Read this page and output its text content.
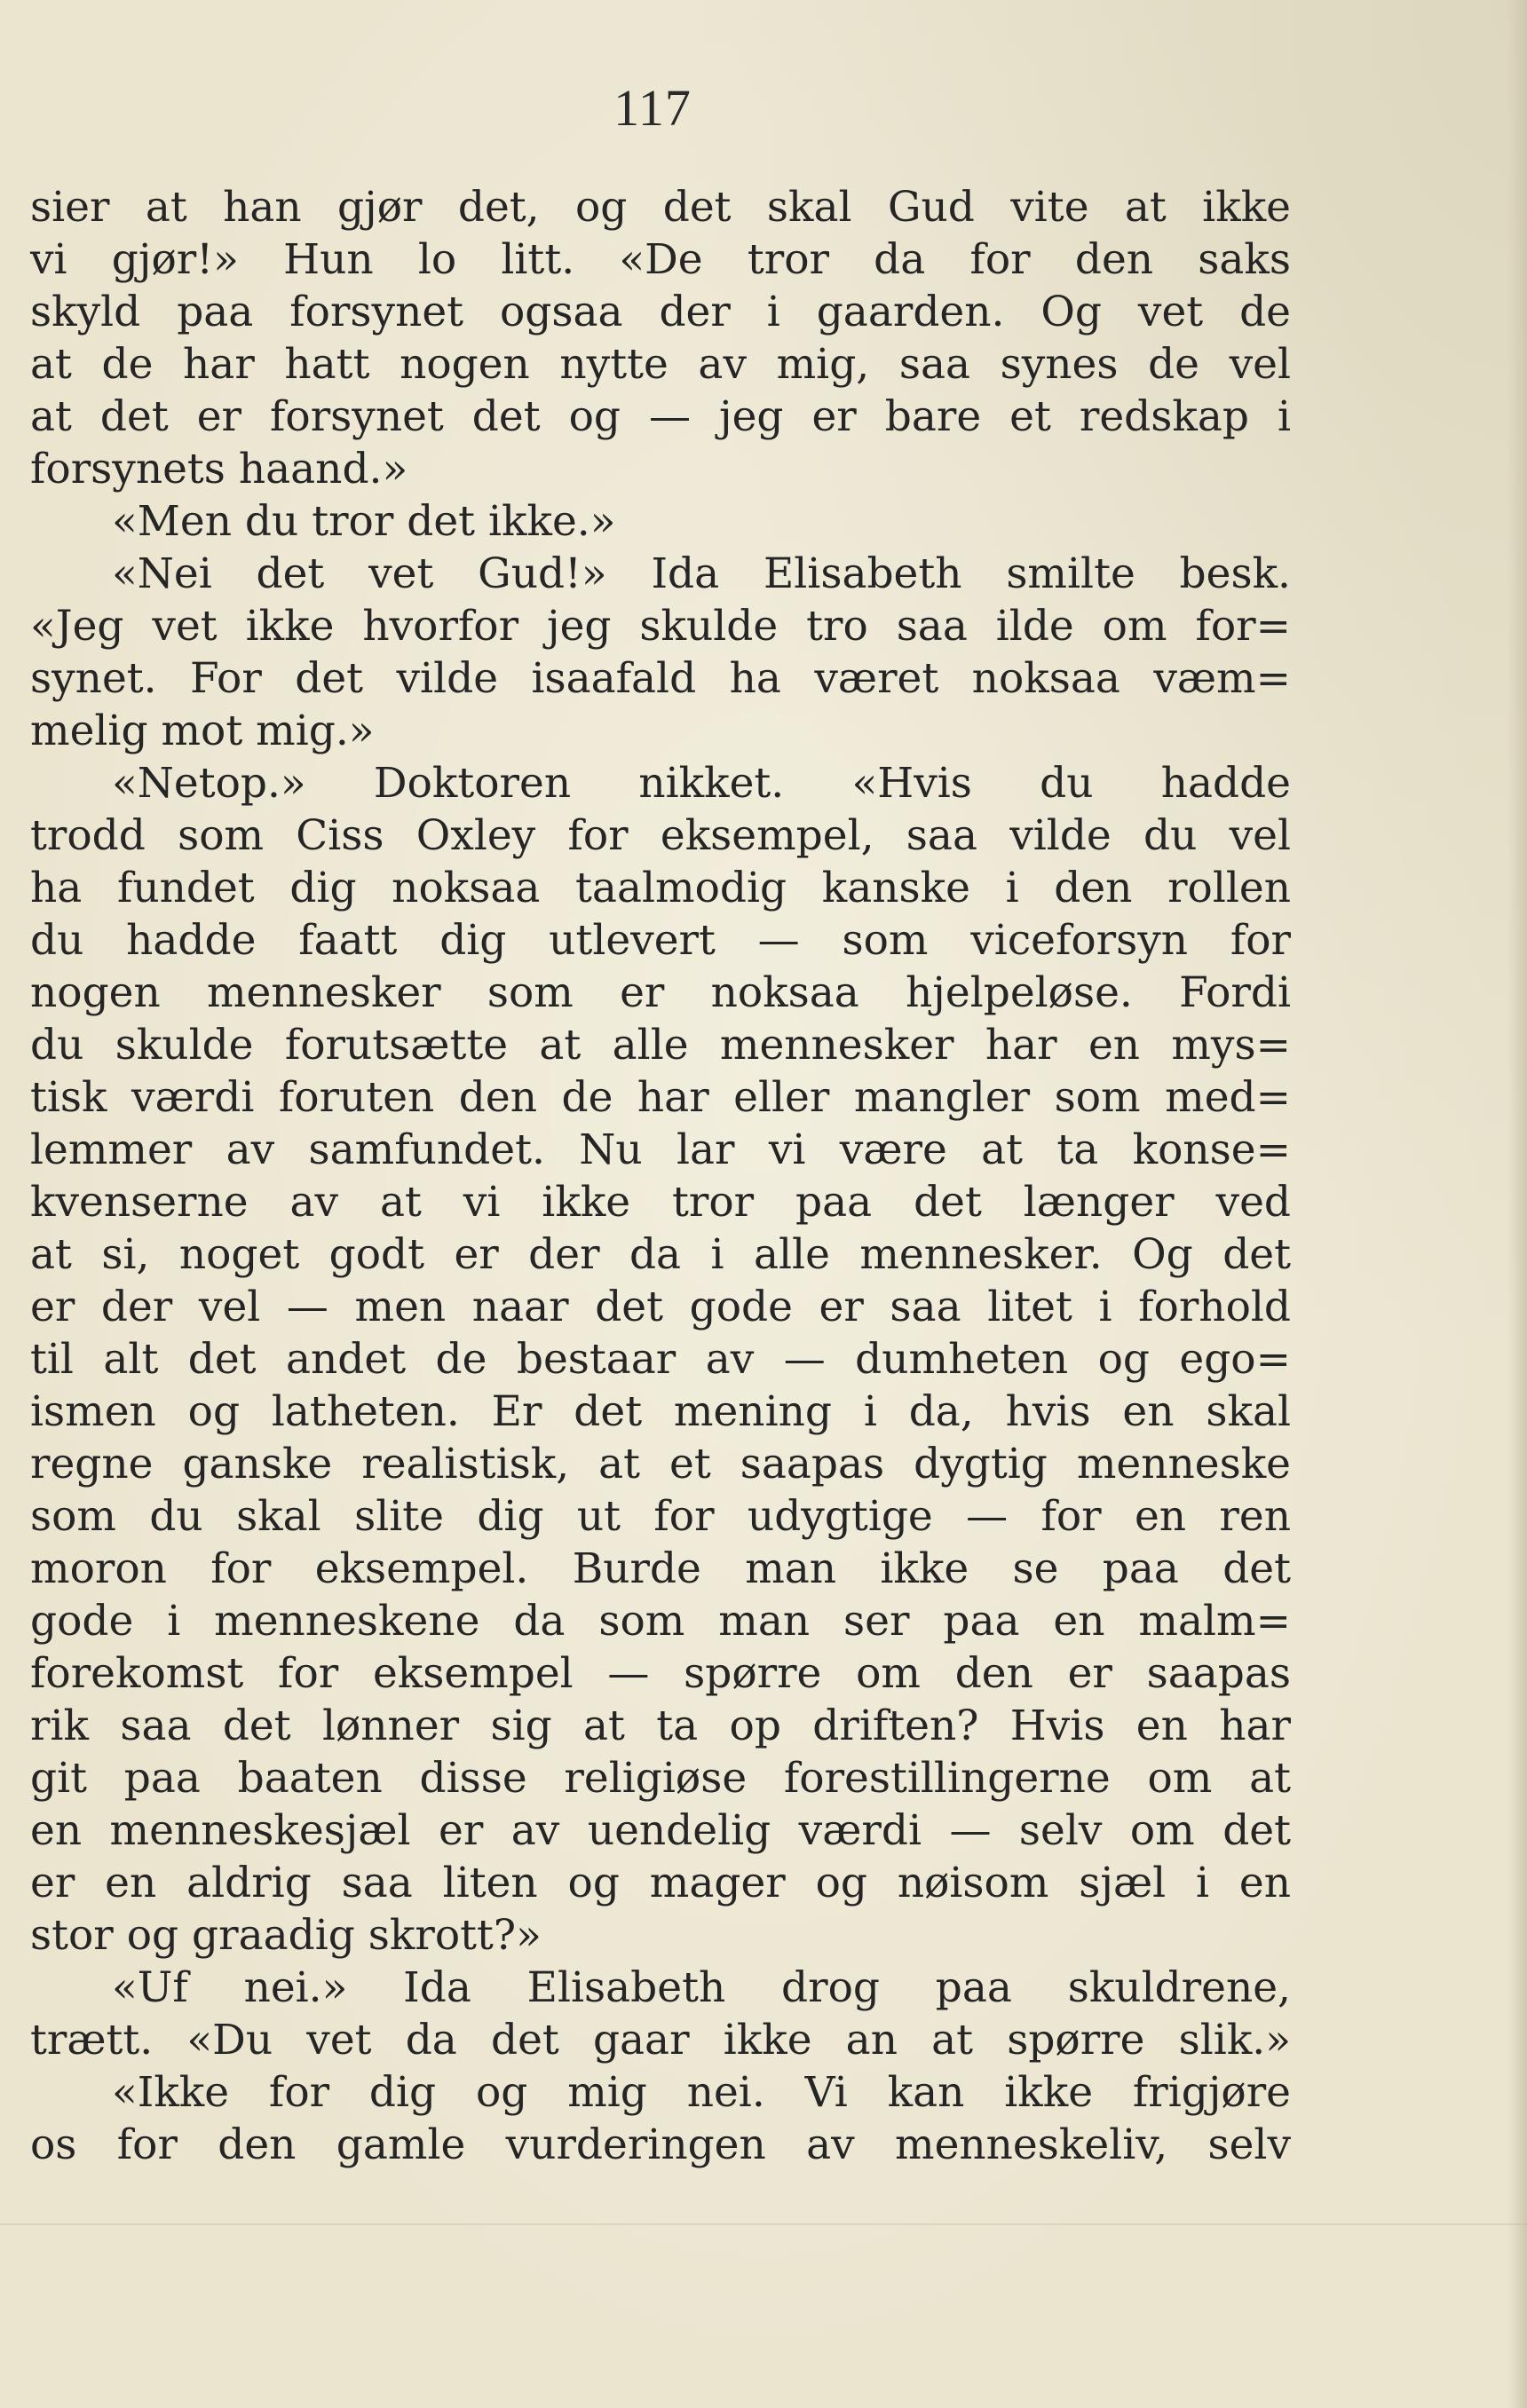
117
sier at han gjør det, og det skal Gud vite at ikke
vi gjør!» Hun lo litt. «De tror da for den saks
skyld paa forsynet ogsaa der i gaarden. Og vet de
at de har hatt nogen nytte av mig, saa synes de vel
at det er forsynet det og — jeg er bare et redskap i
forsynets haand.»
«Men du tror det ikke.»
«Nei det vet Gud!» Ida Elisabeth smilte besk.
«Jeg vet ikke hvorfor jeg skulde tro saa ilde om for=
synet. For det vilde isaafald ha været noksaa væm=
melig mot mig.»
«Netop.» Doktoren nikket. «Hvis du hadde
trodd som Ciss Oxley for eksempel, saa vilde du vel
ha fundet dig noksaa taalmodig kanske i den rollen
du hadde faatt dig utlevert — som viceforsyn for
nogen mennesker som er noksaa hjelpeløse. Fordi
du skulde forutsætte at alle mennesker har en mys=
tisk værdi foruten den de har eller mangler som med=
lemmer av samfundet. Nu lar vi være at ta konse=
kvenserne av at vi ikke tror paa det længer ved
at si, noget godt er der da i alle mennesker. Og det
er der vel — men naar det gode er saa litet i forhold
til alt det andet de bestaar av — dumheten og ego=
ismen og latheten. Er det mening i da, hvis en skal
regne ganske realistisk, at et saapas dygtig menneske
som du skal slite dig ut for udygtige — for en ren
moron for eksempel. Burde man ikke se paa det
gode i menneskene da som man ser paa en malm=
forekomst for eksempel — spørre om den er saapas
rik saa det lønner sig at ta op driften? Hvis en har
git paa baaten disse religiøse forestillingerne om at
en menneskesjæl er av uendelig værdi — selv om det
er en aldrig saa liten og mager og nøisom sjæl i en
stor og graadig skrott?»
«Uf nei.» Ida Elisabeth drog paa skuldrene,
trætt. «Du vet da det gaar ikke an at spørre slik.»
«Ikke for dig og mig nei. Vi kan ikke frigjøre
os for den gamle vurderingen av menneskeliv, selv
